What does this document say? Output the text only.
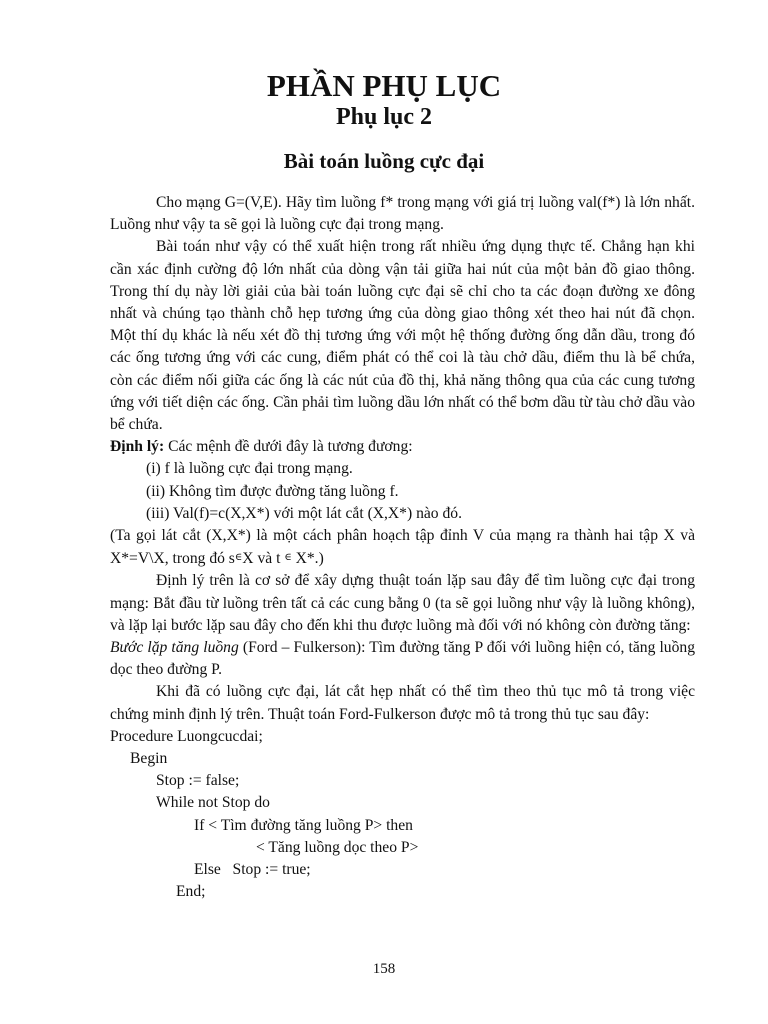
PHẦN PHỤ LỤC
Phụ lục 2
Bài toán luồng cực đại

Cho mạng G=(V,E). Hãy tìm luồng f* trong mạng với giá trị luồng val(f*) là lớn nhất. Luồng như vậy ta sẽ gọi là luồng cực đại trong mạng.

Bài toán như vậy có thể xuất hiện trong rất nhiều ứng dụng thực tế. Chẳng hạn khi cần xác định cường độ lớn nhất của dòng vận tải giữa hai nút của một bản đồ giao thông. Trong thí dụ này lời giải của bài toán luồng cực đại sẽ chỉ cho ta các đoạn đường xe đông nhất và chúng tạo thành chỗ hẹp tương ứng của dòng giao thông xét theo hai nút đã chọn. Một thí dụ khác là nếu xét đồ thị tương ứng với một hệ thống đường ống dẫn dầu, trong đó các ống tương ứng với các cung, điểm phát có thể coi là tàu chở dầu, điểm thu là bể chứa, còn các điểm nối giữa các ống là các nút của đồ thị, khả năng thông qua của các cung tương ứng với tiết diện các ống. Cần phải tìm luồng dầu lớn nhất có thể bơm dầu từ tàu chở dầu vào bể chứa.

Định lý: Các mệnh đề dưới đây là tương đương:

(i) f là luồng cực đại trong mạng.

(ii) Không tìm được đường tăng luồng f.

(iii) Val(f)=c(X,X*) với một lát cắt (X,X*) nào đó.

(Ta gọi lát cắt (X,X*) là một cách phân hoạch tập đỉnh V của mạng ra thành hai tập X và X*=V\X, trong đó s∈X và t ∈ X*.)

Định lý trên là cơ sở để xây dựng thuật toán lặp sau đây để tìm luồng cực đại trong mạng: Bắt đầu từ luồng trên tất cả các cung bằng 0 (ta sẽ gọi luồng như vậy là luồng không), và lặp lại bước lặp sau đây cho đến khi thu được luồng mà đối với nó không còn đường tăng:

Bước lặp tăng luồng (Ford – Fulkerson): Tìm đường tăng P đối với luồng hiện có, tăng luồng dọc theo đường P.

Khi đã có luồng cực đại, lát cắt hẹp nhất có thể tìm theo thủ tục mô tả trong việc chứng minh định lý trên. Thuật toán Ford-Fulkerson được mô tả trong thủ tục sau đây:

Procedure Luongcucdai;

Begin

Stop := false;

While not Stop do

If < Tìm đường tăng luồng P> then

< Tăng luồng dọc theo P>

Else   Stop := true;

End;

158
